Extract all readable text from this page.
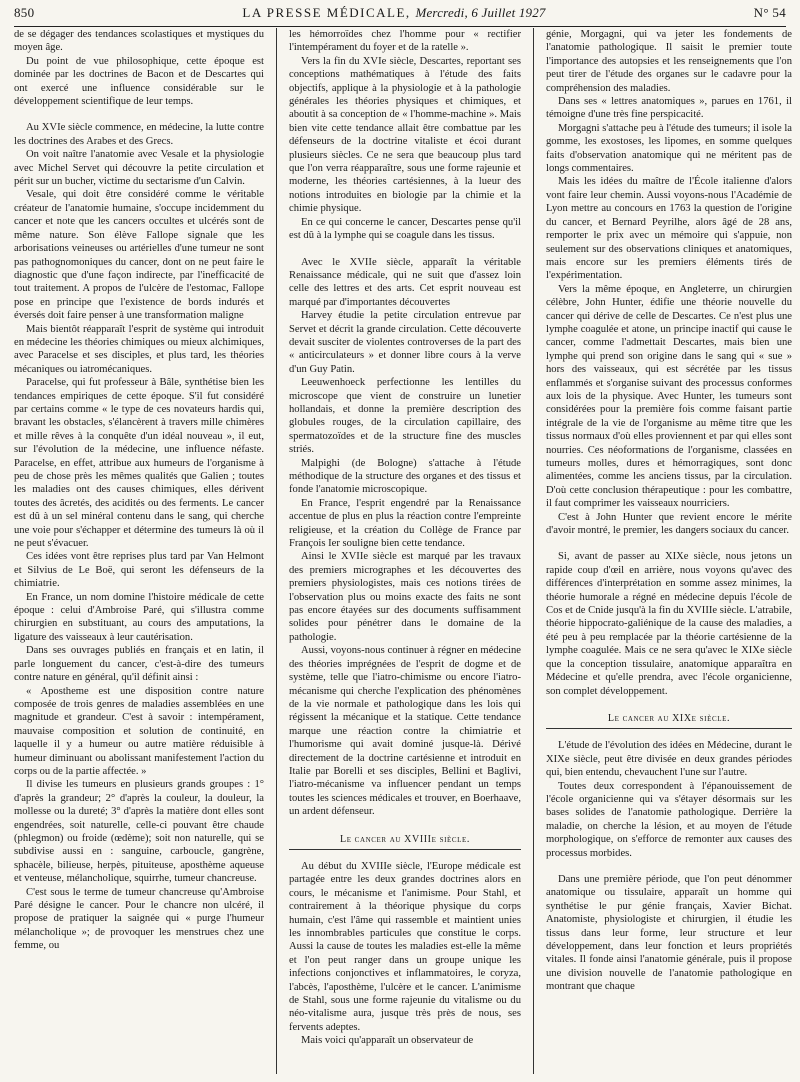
850	LA PRESSE MÉDICALE, Mercredi, 6 Juillet 1927	N° 54

de se dégager des tendances scolastiques et mystiques du moyen âge.

Du point de vue philosophique, cette époque est dominée par les doctrines de Bacon et de Descartes qui ont exercé une influence considérable sur le développement scientifique de leur temps.

Au XVIe siècle commence, en médecine, la lutte contre les doctrines des Arabes et des Grecs.

On voit naître l'anatomie avec Vesale et la physiologie avec Michel Servet qui découvre la petite circulation et périt sur un bucher, victime du sectarisme d'un Calvin.

Vesale, qui doit être considéré comme le véritable créateur de l'anatomie humaine, s'occupe incidemment du cancer et note que les cancers occultes et ulcérés sont de même nature. Son élève Fallope signale que les arborisations veineuses ou artérielles d'une tumeur ne sont pas pathognomoniques du cancer, dont on ne peut faire le diagnostic que d'une façon indirecte, par l'inefficacité de tout traitement. A propos de l'ulcère de l'estomac, Fallope pose en principe que l'existence de bords indurés et éversés doit faire penser à une transformation maligne

Mais bientôt réapparaît l'esprit de système qui introduit en médecine les théories chimiques ou mieux alchimiques, avec Paracelse et ses disciples, et plus tard, les théories mécaniques ou iatromécaniques.

Paracelse, qui fut professeur à Bâle, synthétise bien les tendances empiriques de cette époque. S'il fut considéré par certains comme « le type de ces novateurs hardis qui, bravant les obstacles, s'élancèrent à travers mille chimères et mille rêves à la conquête d'un idéal nouveau », il eut, sur l'évolution de la médecine, une influence néfaste. Paracelse, en effet, attribue aux humeurs de l'organisme à peu de chose près les mêmes qualités que Galien ; toutes les maladies ont des causes chimiques, elles dérivent toutes des âcretés, des acidités ou des ferments. Le cancer est dû à un sel minéral contenu dans le sang, qui cherche une voie pour s'échapper et détermine des tumeurs là où il ne peut s'évacuer.

Ces idées vont être reprises plus tard par Van Helmont et Silvius de Le Boë, qui seront les défenseurs de la chimiatrie.

En France, un nom domine l'histoire médicale de cette époque : celui d'Ambroise Paré, qui s'illustra comme chirurgien en substituant, au cours des amputations, la ligature des vaisseaux à leur cautérisation.

Dans ses ouvrages publiés en français et en latin, il parle longuement du cancer, c'est-à-dire des tumeurs contre nature en général, qu'il définit ainsi :

« Apostheme est une disposition contre nature composée de trois genres de maladies assemblées en une magnitude et grandeur. C'est à savoir : intempérament, mauvaise composition et solution de continuité, en laquelle il y a humeur ou autre matière réduisible à humeur diminuant ou abolissant manifestement l'action du corps ou de la partie affectée. »

Il divise les tumeurs en plusieurs grands groupes : 1° d'après la grandeur; 2° d'après la couleur, la douleur, la mollesse ou la dureté; 3° d'après la matière dont elles sont engendrées, soit naturelle, celle-ci pouvant être chaude (phlegmon) ou froide (œdème); soit non naturelle, qui se subdivise aussi en : sanguine, carboucle, gangrène, sphacèle, bilieuse, herpès, pituiteuse, aposthème aqueuse et venteuse, mélancholique, squirrhe, tumeur chancreuse.

C'est sous le terme de tumeur chancreuse qu'Ambroise Paré désigne le cancer. Pour le chancre non ulcéré, il propose de pratiquer la saignée qui « purge l'humeur mélancholique »; de provoquer les menstrues chez une femme, ou

les hémorroïdes chez l'homme pour « rectifier l'intempérament du foyer et de la ratelle ».

Vers la fin du XVIe siècle, Descartes, reportant ses conceptions mathématiques à l'étude des faits objectifs, applique à la physiologie et à la pathologie générales les théories physiques et chimiques, et aboutit à sa conception de « l'homme-machine ». Mais bien vite cette tendance allait être combattue par les défenseurs de la doctrine vitaliste et écoi durant plusieurs siècles. Ce ne sera que beaucoup plus tard que l'on verra réapparaître, sous une forme rajeunie et moderne, les théories cartésiennes, à la lueur des notions introduites en biologie par la chimie et la chimie physique.

En ce qui concerne le cancer, Descartes pense qu'il est dû à la lymphe qui se coagule dans les tissus.

Avec le XVIIe siècle, apparaît la véritable Renaissance médicale, qui ne suit que d'assez loin celle des lettres et des arts. Cet esprit nouveau est marqué par d'importantes découvertes

Harvey étudie la petite circulation entrevue par Servet et décrit la grande circulation. Cette découverte devait susciter de violentes controverses de la part des « anticirculateurs » et donner libre cours à la verve d'un Guy Patin.

Leeuwenhoeck perfectionne les lentilles du microscope que vient de construire un lunetier hollandais, et donne la première description des globules rouges, de la circulation capillaire, des spermatozoïdes et de la structure fine des muscles striés.

Malpighi (de Bologne) s'attache à l'étude méthodique de la structure des organes et des tissus et fonde l'anatomie microscopique.

En France, l'esprit engendré par la Renaissance accentue de plus en plus la réaction contre l'empreinte religieuse, et la création du Collège de France par François Ier souligne bien cette tendance.

Ainsi le XVIIe siècle est marqué par les travaux des premiers micrographes et les découvertes des premiers physiologistes, mais ces notions tirées de l'observation plus ou moins exacte des faits ne sont pas encore étayées sur des documents suffisamment solides pour pénétrer dans le domaine de la pathologie.

Aussi, voyons-nous continuer à régner en médecine des théories imprégnées de l'esprit de dogme et de système, telle que l'iatro-chimisme ou encore l'iatro-mécanisme qui cherche l'explication des phénomènes de la vie normale et pathologique dans les lois qui régissent la mécanique et la statique. Cette tendance marque une réaction contre la chimiatrie et l'humorisme qui avait dominé jusque-là. Dérivé directement de la doctrine cartésienne et introduit en Italie par Borelli et ses disciples, Bellini et Baglivi, l'iatro-mécanisme va influencer pendant un temps toutes les sciences médicales et trouver, en Boerhaave, un ardent défenseur.

Le cancer au XVIIIe siècle.

Au début du XVIIIe siècle, l'Europe médicale est partagée entre les deux grandes doctrines alors en cours, le mécanisme et l'animisme. Pour Stahl, et contrairement à la théorique physique du corps humain, c'est l'âme qui rassemble et maintient unies les innombrables particules que constitue le corps. Aussi la cause de toutes les maladies est-elle la même et l'on peut ranger dans un groupe unique les infections conjonctives et inflammatoires, le coryza, l'abcès, l'aposthème, l'ulcère et le cancer. L'animisme de Stahl, sous une forme rajeunie du vitalisme ou du néo-vitalisme aura, jusque très près de nous, ses fervents adeptes.

Mais voici qu'apparaît un observateur de

génie, Morgagni, qui va jeter les fondements de l'anatomie pathologique. Il saisit le premier toute l'importance des autopsies et les renseignements que l'on peut tirer de l'étude des organes sur le cadavre pour la compréhension des maladies.

Dans ses « lettres anatomiques », parues en 1761, il témoigne d'une très fine perspicacité.

Morgagni s'attache peu à l'étude des tumeurs; il isole la gomme, les exostoses, les lipomes, en somme quelques faits d'observation anatomique qui ne méritent pas de longs commentaires.

Mais les idées du maître de l'École italienne d'alors vont faire leur chemin. Aussi voyons-nous l'Académie de Lyon mettre au concours en 1763 la question de l'origine du cancer, et Bernard Peyrilhe, alors âgé de 28 ans, remporter le prix avec un mémoire qui s'appuie, non seulement sur des observations cliniques et anatomiques, mais encore sur les premiers éléments tirés de l'expérimentation.

Vers la même époque, en Angleterre, un chirurgien célèbre, John Hunter, édifie une théorie nouvelle du cancer qui dérive de celle de Descartes. Ce n'est plus une lymphe coagulée et atone, un principe inactif qui cause le cancer, comme l'admettait Descartes, mais bien une lymphe qui prend son origine dans le sang qui « sue » hors des vaisseaux, qui est sécrétée par les tissus enflammés et s'organise suivant des processus conformes aux lois de la physique. Avec Hunter, les tumeurs sont considérées pour la première fois comme faisant partie intégrale de la vie de l'organisme au même titre que les tissus normaux d'où elles proviennent et par qui elles sont nourries. Ces néoformations de l'organisme, classées en tumeurs molles, dures et hémorragiques, sont donc alimentées, comme les anciens tissus, par la circulation. D'où cette conclusion thérapeutique : pour les combattre, il faut comprimer les vaisseaux nourriciers.

C'est à John Hunter que revient encore le mérite d'avoir montré, le premier, les dangers sociaux du cancer.

Si, avant de passer au XIXe siècle, nous jetons un rapide coup d'œil en arrière, nous voyons qu'avec des différences d'interprétation en somme assez minimes, la théorie humorale a régné en médecine depuis l'école de Cos et de Cnide jusqu'à la fin du XVIIIe siècle. L'atrabile, théorie hippocrato-galiénique de la cause des maladies, a été peu à peu remplacée par la théorie cartésienne de la lymphe coagulée. Mais ce ne sera qu'avec le XIXe siècle que la conception tissulaire, anatomique apparaîtra en Médecine et qu'elle prendra, avec l'école organicienne, son complet développement.

Le cancer au XIXe siècle.

L'étude de l'évolution des idées en Médecine, durant le XIXe siècle, peut être divisée en deux grandes périodes qui, bien entendu, chevauchent l'une sur l'autre.

Toutes deux correspondent à l'épanouissement de l'école organicienne qui va s'étayer désormais sur les bases solides de l'anatomie pathologique. Derrière la maladie, on cherche la lésion, et au moyen de l'étude morphologique, on s'efforce de remonter aux causes des processus morbides.

Dans une première période, que l'on peut dénommer anatomique ou tissulaire, apparaît un homme qui synthétise le pur génie français, Xavier Bichat. Anatomiste, physiologiste et chirurgien, il étudie les tissus dans leur forme, leur structure et leur développement, dans leur fonction et leurs propriétés vitales. Il fonde ainsi l'anatomie générale, puis il propose une division nouvelle de l'anatomie pathologique en montrant que chaque
